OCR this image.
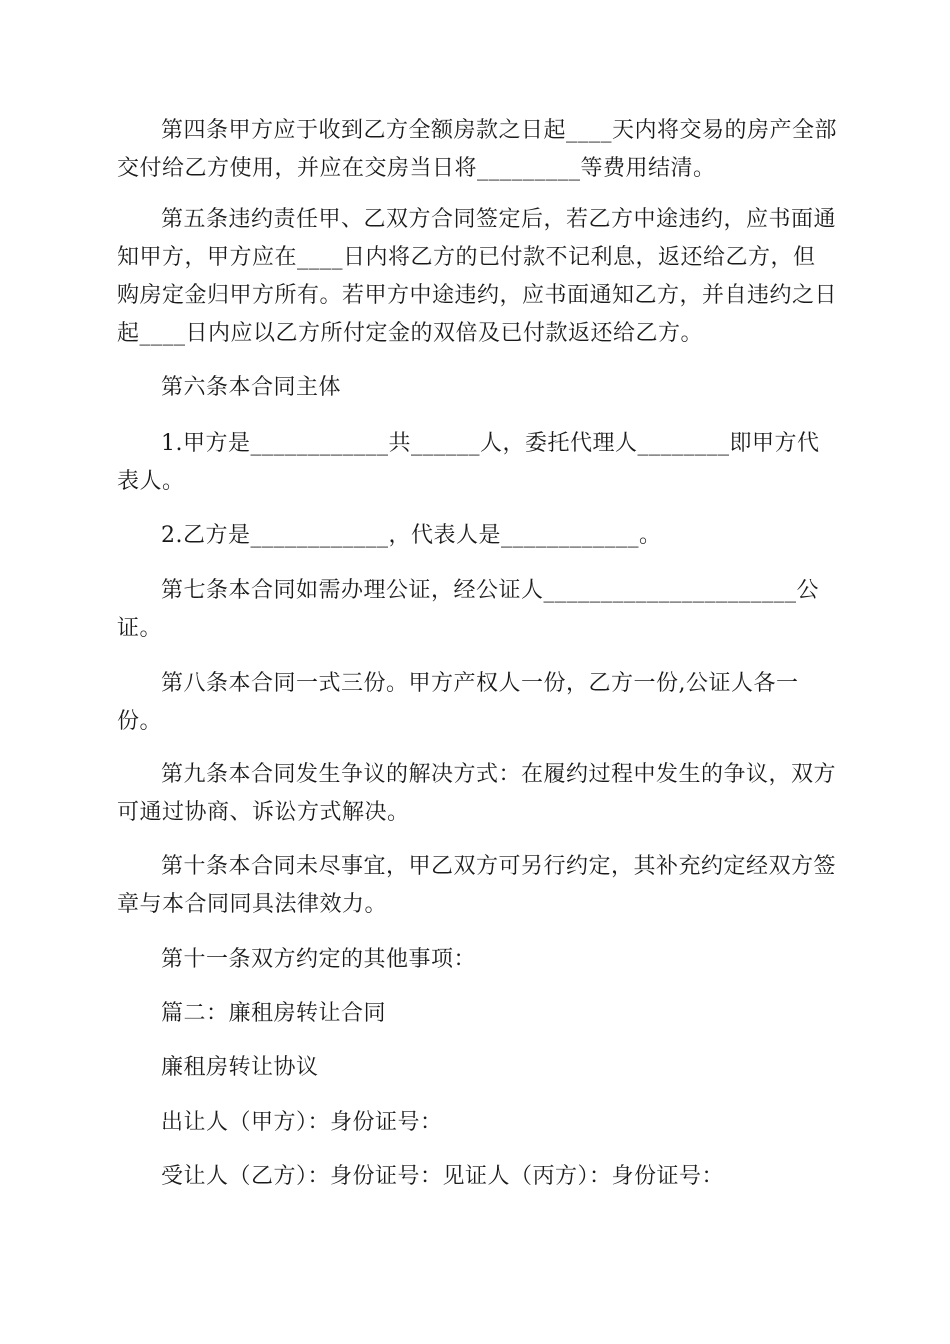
第四条甲方应于收到乙方全额房款之日起____天内将交易的房产全部交付给乙方使用，并应在交房当日将_________等费用结清。

第五条违约责任甲、乙双方合同签定后，若乙方中途违约，应书面通知甲方，甲方应在____日内将乙方的已付款不记利息，返还给乙方，但购房定金归甲方所有。若甲方中途违约，应书面通知乙方，并自违约之日起____日内应以乙方所付定金的双倍及已付款返还给乙方。

第六条本合同主体

1.甲方是____________共______人，委托代理人________即甲方代表人。

2.乙方是____________，代表人是____________。

第七条本合同如需办理公证，经公证人______________________公证。

第八条本合同一式三份。甲方产权人一份，乙方一份,公证人各一份。

第九条本合同发生争议的解决方式：在履约过程中发生的争议，双方可通过协商、诉讼方式解决。

第十条本合同未尽事宜，甲乙双方可另行约定，其补充约定经双方签章与本合同同具法律效力。

第十一条双方约定的其他事项：

篇二：廉租房转让合同

廉租房转让协议

出让人（甲方）：身份证号：

受让人（乙方）：身份证号：见证人（丙方）：身份证号：
